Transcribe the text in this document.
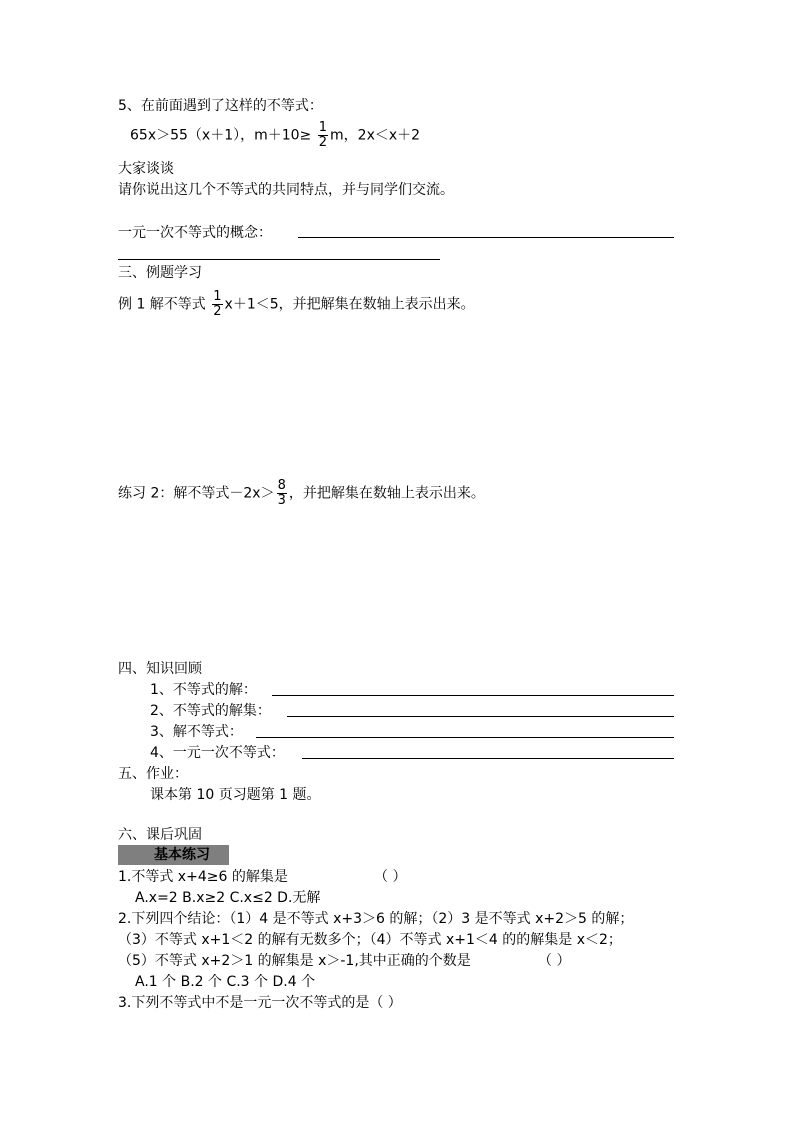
5、在前面遇到了这样的不等式：
65x＞55（x＋1），$m+10\ge \frac{1}{2}$ m，2x＜x＋2
大家谈谈
请你说出这几个不等式的共同特点，并与同学们交流。
一元一次不等式的概念：
三、例题学习
例 1 解不等式 $\frac{1}{2} x+1<5$，并把解集在数轴上表示出来。
练习 2：解不等式$-2x> \frac{8}{3}$ ，并把解集在数轴上表示出来。
四、知识回顾
1、不等式的解：
2、不等式的解集：
3、解不等式：
4、一元一次不等式：
五、作业：
课本第 10 页习题第 1 题。
六、课后巩固
基本练习
1.不等式 x+4≥6 的解集是	（ ）
A.x=2 B.x≥2 C.x≤2 D.无解
2.下列四个结论：（1）4 是不等式 x+3＞6 的解；（2）3 是不等式 x+2＞5 的解；
（3）不等式 x+1＜2 的解有无数多个；（4）不等式 x+1＜4 的的解集是 x＜2；
（5）不等式 x+2＞1 的解集是 x＞-1,其中正确的个数是	（ ）
A.1 个 B.2 个 C.3 个 D.4 个
3.下列不等式中不是一元一次不等式的是（ ）
